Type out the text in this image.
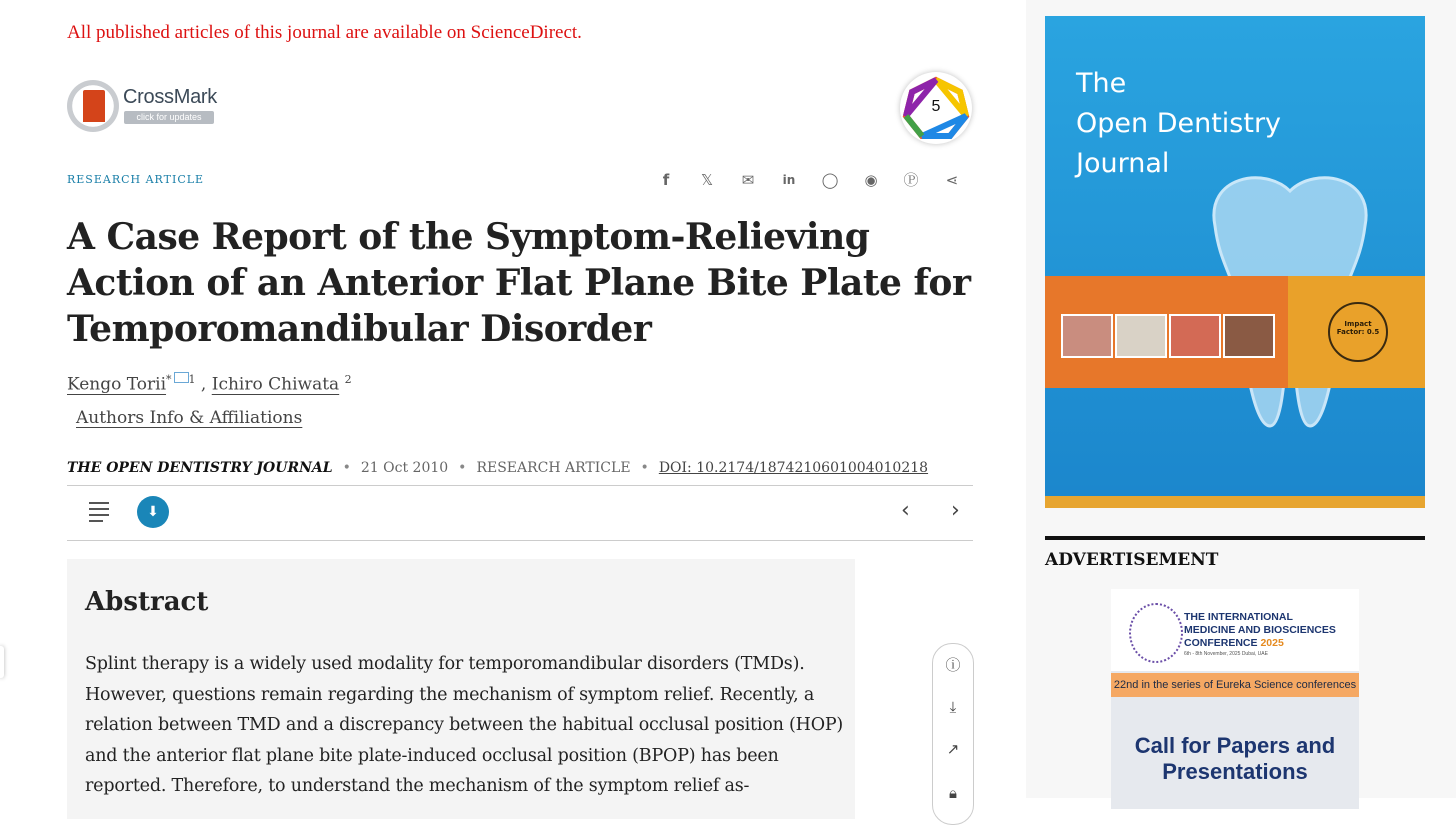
All published articles of this journal are available on ScienceDirect.
CrossMark
click for updates
5
RESEARCH ARTICLE	f	𝕏	✉	in	◯	◉	Ⓟ	⋖
A Case Report of the Symptom-Relieving Action of an Anterior Flat Plane Bite Plate for Temporomandibular Disorder
Kengo Torii* $^1$ , Ichiro Chiwata $^2$
Authors Info & Affiliations
THE OPEN DENTISTRY JOURNAL • 21 Oct 2010 • RESEARCH ARTICLE • DOI: 10.2174/1874210601004010218
⬇	‹ ›
Abstract

Splint therapy is a widely used modality for temporomandibular disorders (TMDs). However, questions remain regarding the mechanism of symptom relief. Recently, a relation between TMD and a discrepancy between the habitual occlusal position (HOP) and the anterior flat plane bite plate-induced occlusal position (BPOP) has been reported. Therefore, to understand the mechanism of the symptom relief as-

ⓘ
⤓
↗
🔒︎
The
Open Dentistry
Journal
Impact Factor: 0.5
ADVERTISEMENT
THE INTERNATIONAL
MEDICINE AND BIOSCIENCES
CONFERENCE 2025
6th - 8th November, 2025 Dubai, UAE
22nd in the series of Eureka Science conferences
Call for Papers and Presentations
